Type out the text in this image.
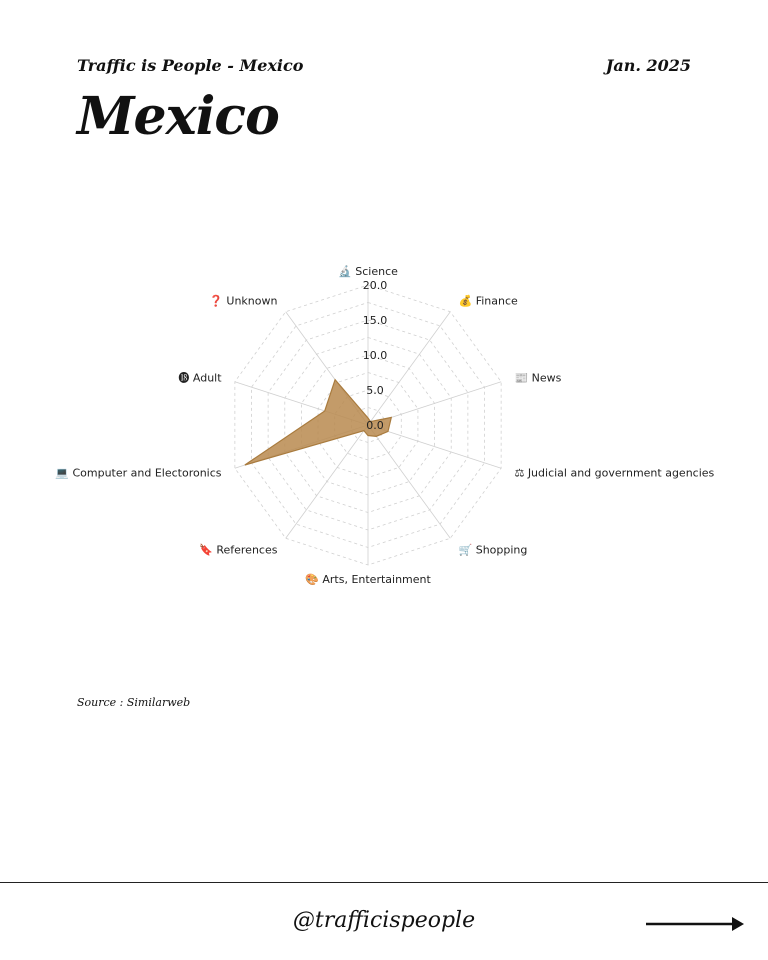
Traffic is People - Mexico	Jan. 2025
Mexico
0.0
5.0
10.0
15.0
20.0
🔬 Science
💰 Finance
📰 News
⚖ Judicial and government agencies
🛒 Shopping
🎨 Arts, Entertainment
🔖 References
💻 Computer and Electoronics
⓲ Adult
❓ Unknown
Source : Similarweb
@trafficispeople
